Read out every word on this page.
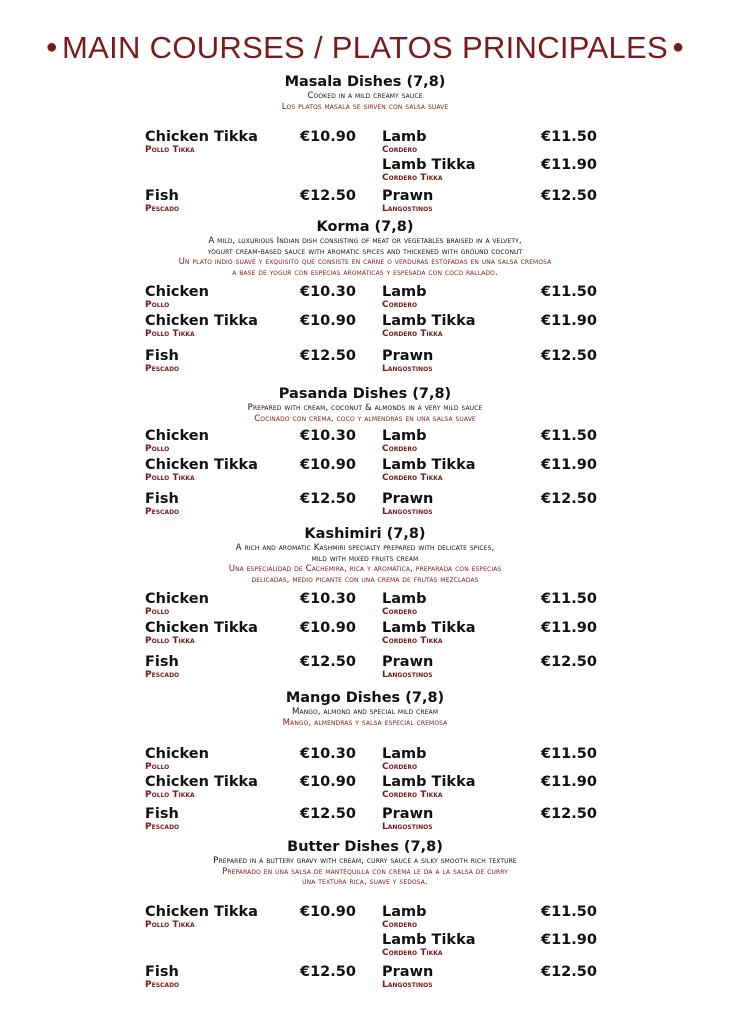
● MAIN COURSES / PLATOS PRINCIPALES ●
Masala Dishes (7,8)
Cooked in a mild creamy sauce
Los platos masala se sirven con salsa suave
Chicken Tikka
Pollo Tikka
€10.90 Lamb
Cordero
€11.50
Lamb Tikka
Cordero Tikka
€11.90
Fish
Pescado
€12.50 Prawn
Langostinos
€12.50
Korma (7,8)
A mild, luxurious Indian dish consisting of meat or vegetables braised in a velvety,
yogurt cream-based sauce with aromatic spices and thickened with ground coconut
Un plato indio suave y exquisito que consiste en carne o verduras estofadas en una salsa cremosa
a base de yogur con especias aromáticas y espesada con coco rallado.
Chicken
Pollo
€10.30 Lamb
Cordero
€11.50
Chicken Tikka
Pollo Tikka
€10.90 Lamb Tikka
Cordero Tikka
€11.90
Fish
Pescado
€12.50 Prawn
Langostinos
€12.50
Pasanda Dishes (7,8)
Prepared with cream, coconut & almonds in a very mild sauce
Cocinado con crema, coco y almendras en una salsa suave
Chicken
Pollo
€10.30 Lamb
Cordero
€11.50
Chicken Tikka
Pollo Tikka
€10.90 Lamb Tikka
Cordero Tikka
€11.90
Fish
Pescado
€12.50 Prawn
Langostinos
€12.50
Kashimiri (7,8)
A rich and aromatic Kashmiri specialty prepared with delicate spices,
mild with mixed fruits cream
Una especialidad de Cachemira, rica y aromática, preparada con especias
delicadas, medio picante con una crema de frutas mezcladas
Chicken
Pollo
€10.30 Lamb
Cordero
€11.50
Chicken Tikka
Pollo Tikka
€10.90 Lamb Tikka
Cordero Tikka
€11.90
Fish
Pescado
€12.50 Prawn
Langostinos
€12.50
Mango Dishes (7,8)
Mango, almond and special mild cream
Mango, almendras y salsa especial cremosa
Chicken
Pollo
€10.30 Lamb
Cordero
€11.50
Chicken Tikka
Pollo Tikka
€10.90 Lamb Tikka
Cordero Tikka
€11.90
Fish
Pescado
€12.50 Prawn
Langostinos
€12.50
Butter Dishes (7,8)
Prepared in a buttery gravy with cream, curry sauce a silky smooth rich texture
Preparado en una salsa de mantequilla con crema le da a la salsa de curry
una textura rica, suave y sedosa.
Chicken Tikka
Pollo Tikka
€10.90 Lamb
Cordero
€11.50
Lamb Tikka
Cordero Tikka
€11.90
Fish
Pescado
€12.50 Prawn
Langostinos
€12.50
